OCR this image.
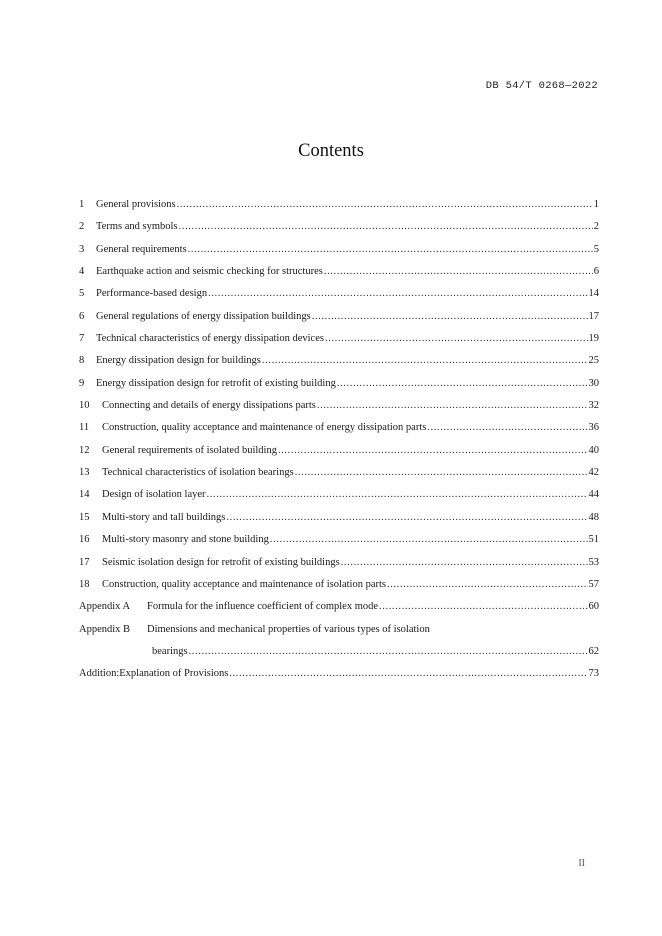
DB 54/T 0268—2022
Contents
1 General provisions .....	1
2 Terms and symbols .....	2
3 General requirements .....	5
4 Earthquake action and seismic checking for structures .....	6
5 Performance-based design .....	14
6 General regulations of energy dissipation buildings .....	17
7 Technical characteristics of energy dissipation devices .....	19
8 Energy dissipation design for buildings .....	25
9 Energy dissipation design for retrofit of existing building .....	30
10 Connecting and details of energy dissipations parts .....	32
11 Construction, quality acceptance and maintenance of energy dissipation parts .....	36
12 General requirements of isolated building .....	40
13 Technical characteristics of isolation bearings .....	42
14 Design of isolation layer .....	44
15 Multi-story and tall buildings .....	48
16 Multi-story masonry and stone building .....	51
17 Seismic isolation design for retrofit of existing buildings .....	53
18 Construction, quality acceptance and maintenance of isolation parts .....	57
Appendix A Formula for the influence coefficient of complex mode .....	60
Appendix B Dimensions and mechanical properties of various types of isolation
bearings .....	62
Addition:Explanation of Provisions .....	73
II
